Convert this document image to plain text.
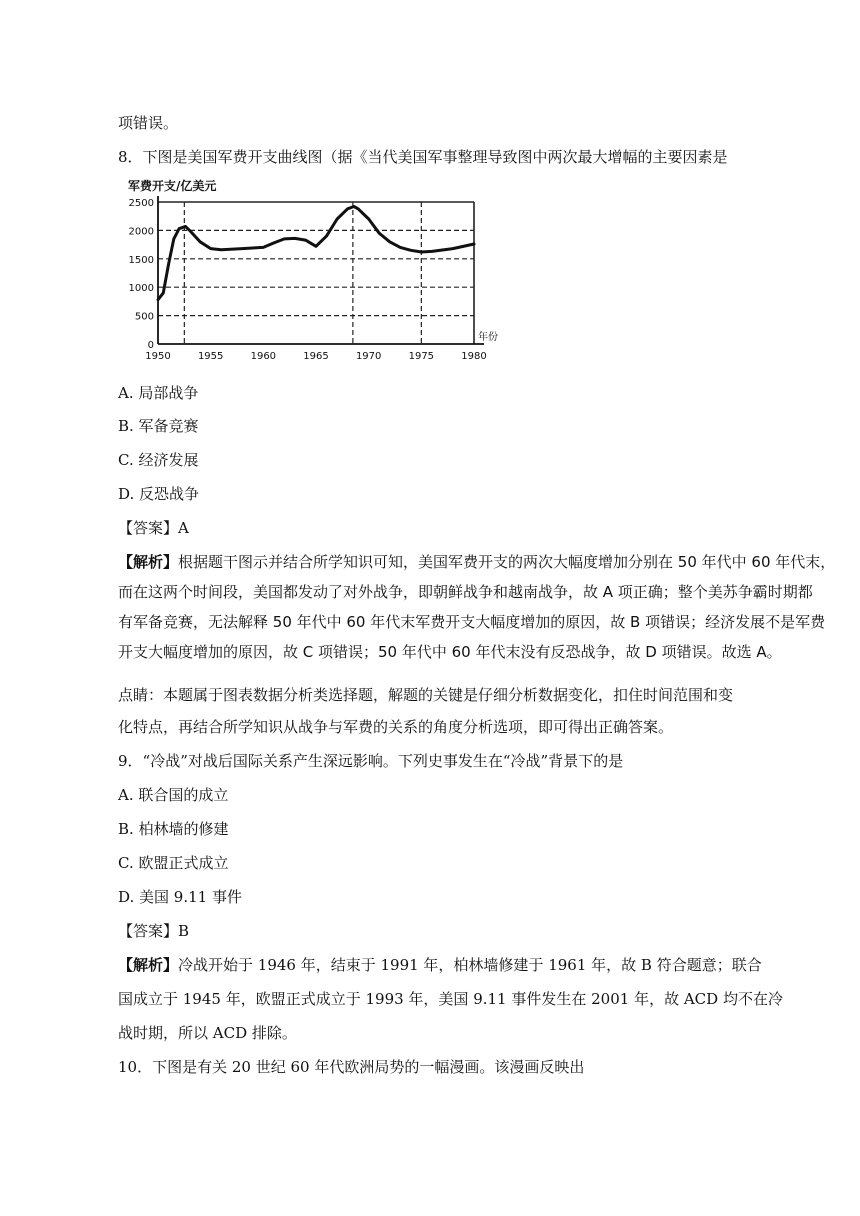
项错误。
8．下图是美国军费开支曲线图（据《当代美国军事整理导致图中两次最大增幅的主要因素是
0
500
1000
1500
2000
2500
1950	1955	1960	1965	1970	1975	1980
军费开支/亿美元
年份
A. 局部战争
B. 军备竞赛
C. 经济发展
D. 反恐战争
【答案】A
【解析】根据题干图示并结合所学知识可知，美国军费开支的两次大幅度增加分别在 50 年代中 60 年代末，
而在这两个时间段，美国都发动了对外战争，即朝鲜战争和越南战争，故 A 项正确；整个美苏争霸时期都
有军备竞赛，无法解释 50 年代中 60 年代末军费开支大幅度增加的原因，故 B 项错误；经济发展不是军费
开支大幅度增加的原因，故 C 项错误；50 年代中 60 年代末没有反恐战争，故 D 项错误。故选 A。
点睛：本题属于图表数据分析类选择题，解题的关键是仔细分析数据变化，扣住时间范围和变
化特点，再结合所学知识从战争与军费的关系的角度分析选项，即可得出正确答案。
9．“冷战”对战后国际关系产生深远影响。下列史事发生在“冷战”背景下的是
A. 联合国的成立
B. 柏林墙的修建
C. 欧盟正式成立
D. 美国 9.11 事件
【答案】B
【解析】冷战开始于 1946 年，结束于 1991 年，柏林墙修建于 1961 年，故 B 符合题意；联合
国成立于 1945 年，欧盟正式成立于 1993 年，美国 9.11 事件发生在 2001 年，故 ACD 均不在冷
战时期，所以 ACD 排除。
10．下图是有关 20 世纪 60 年代欧洲局势的一幅漫画。该漫画反映出
